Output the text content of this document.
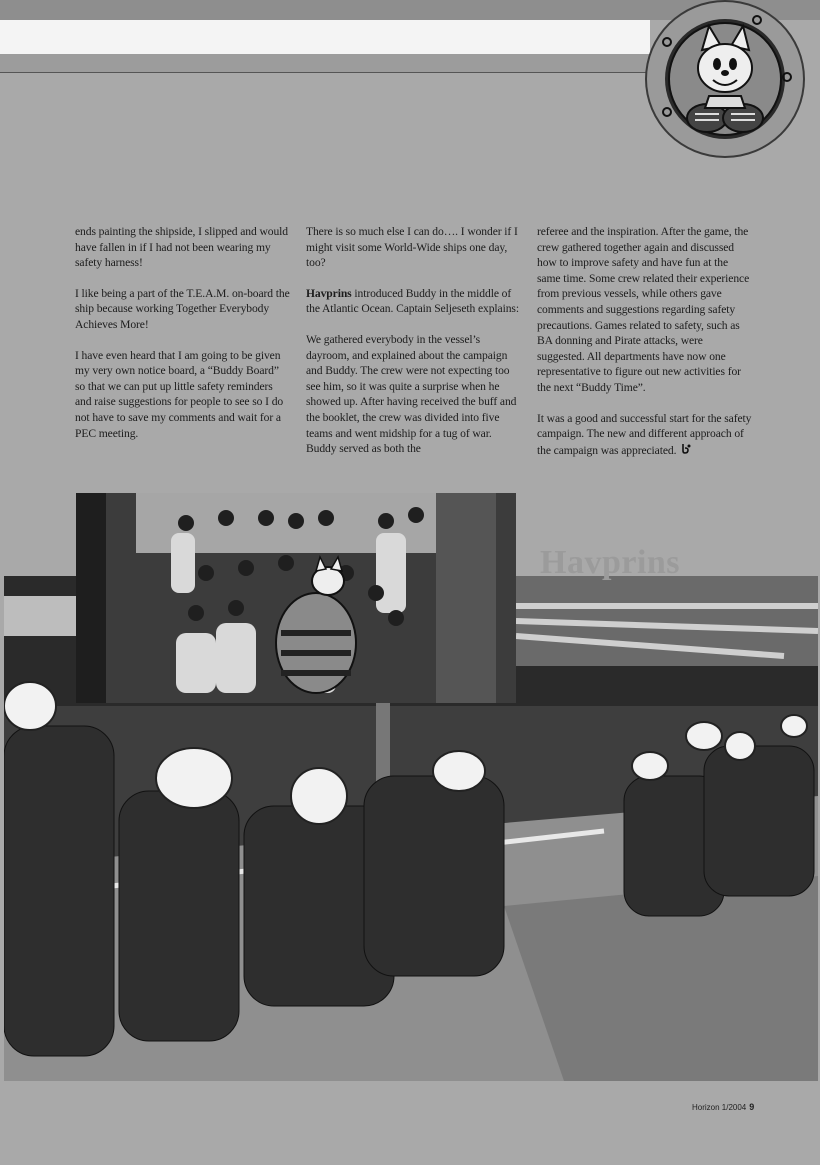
ends painting the shipside, I slipped and would have fallen in if I had not been wearing my safety harness!

I like being a part of the T.E.A.M. on-board the ship because working Together Everybody Achieves More!

I have even heard that I am going to be given my very own notice board, a “Buddy Board” so that we can put up little safety reminders and raise suggestions for people to see so I do not have to save my comments and wait for a PEC meeting.

There is so much else I can do…. I wonder if I might visit some World-Wide ships one day, too?

Havprins introduced Buddy in the middle of the Atlantic Ocean. Captain Seljeseth explains:

We gathered everybody in the vessel’s dayroom, and explained about the campaign and Buddy. The crew were not expecting too see him, so it was quite a surprise when he showed up. After having received the buff and the booklet, the crew was divided into five teams and went midship for a tug of war. Buddy served as both the

referee and the inspiration. After the game, the crew gathered together again and discussed how to improve safety and have fun at the same time. Some crew related their experience from previous vessels, while others gave comments and suggestions regarding safety precautions. Games related to safety, such as BA donning and Pirate attacks, were suggested. All departments have now one representative to figure out new activities for the next “Buddy Time”.

It was a good and successful start for the safety campaign. The new and different approach of the campaign was appreciated.

Havprins
Horizon 1/2004 9
